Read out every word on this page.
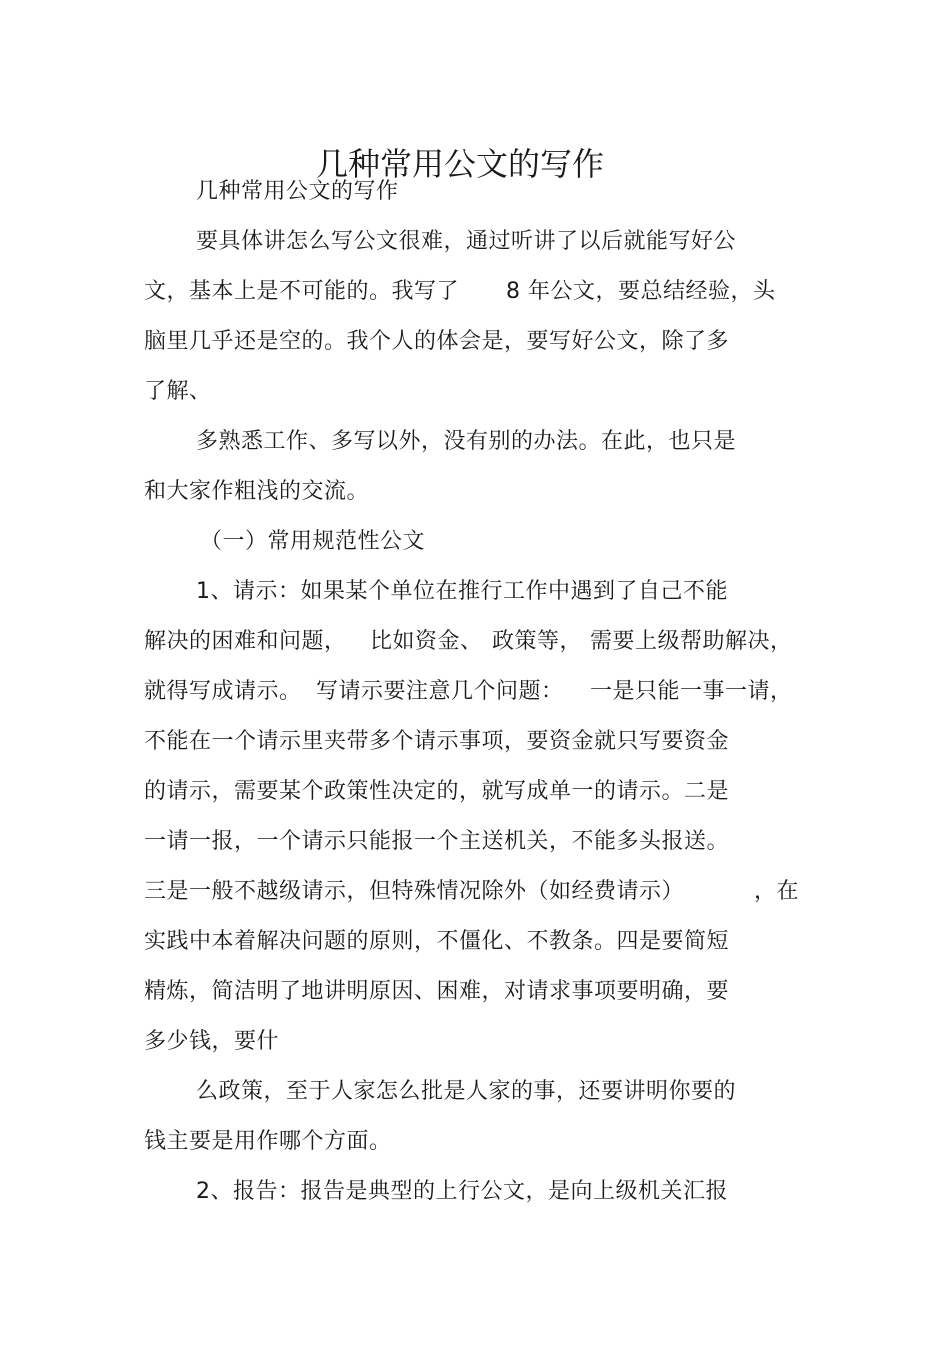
几种常用公文的写作
几种常用公文的写作
要具体讲怎么写公文很难，通过听讲了以后就能写好公
文，基本上是不可能的。我写了 8 年公文，要总结经验，头
脑里几乎还是空的。我个人的体会是，要写好公文，除了多
了解、
多熟悉工作、多写以外，没有别的办法。在此，也只是
和大家作粗浅的交流。
（一）常用规范性公文
1、请示：如果某个单位在推行工作中遇到了自己不能
解决的困难和问题， 比如资金、 政策等， 需要上级帮助解决，
就得写成请示。 写请示要注意几个问题： 一是只能一事一请，
不能在一个请示里夹带多个请示事项，要资金就只写要资金
的请示，需要某个政策性决定的，就写成单一的请示。二是
一请一报，一个请示只能报一个主送机关，不能多头报送。
三是一般不越级请示，但特殊情况除外（如经费请示）	，在
实践中本着解决问题的原则，不僵化、不教条。四是要简短
精炼，简洁明了地讲明原因、困难，对请求事项要明确，要
多少钱，要什
么政策，至于人家怎么批是人家的事，还要讲明你要的
钱主要是用作哪个方面。
2、报告：报告是典型的上行公文，是向上级机关汇报
